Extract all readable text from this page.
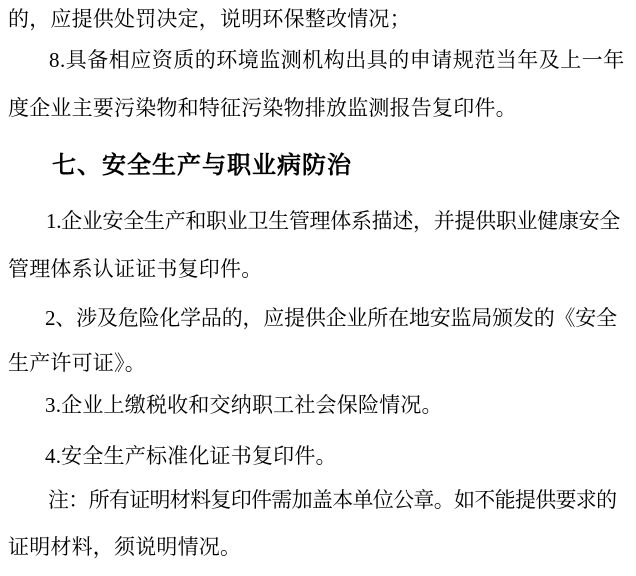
的，应提供处罚决定，说明环保整改情况；
8.具备相应资质的环境监测机构出具的申请规范当年及上一年
度企业主要污染物和特征污染物排放监测报告复印件。
七、安全生产与职业病防治
1.企业安全生产和职业卫生管理体系描述，并提供职业健康安全
管理体系认证证书复印件。
2、涉及危险化学品的，应提供企业所在地安监局颁发的《安全
生产许可证》。
3.企业上缴税收和交纳职工社会保险情况。
4.安全生产标准化证书复印件。
注：所有证明材料复印件需加盖本单位公章。如不能提供要求的
证明材料，须说明情况。
